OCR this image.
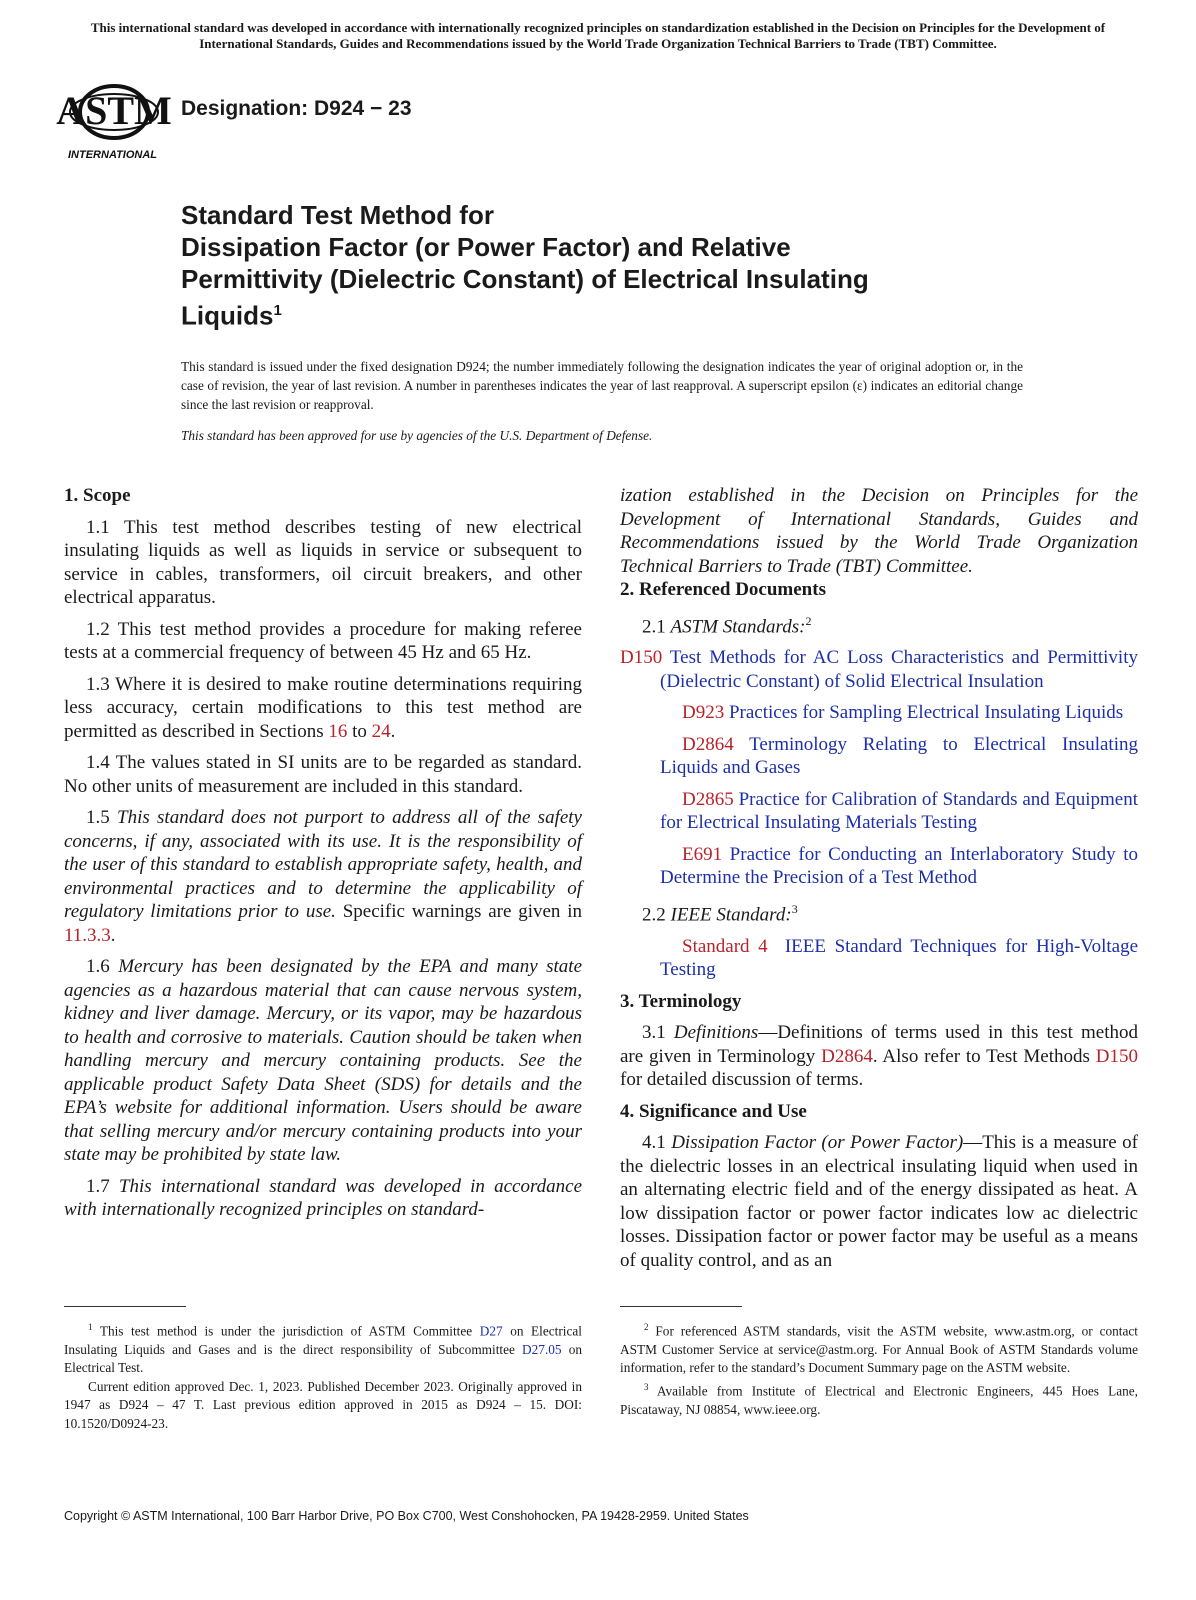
This international standard was developed in accordance with internationally recognized principles on standardization established in the Decision on Principles for the Development of International Standards, Guides and Recommendations issued by the World Trade Organization Technical Barriers to Trade (TBT) Committee.
ASTM
INTERNATIONAL
Designation: D924 − 23
Standard Test Method for
Dissipation Factor (or Power Factor) and Relative
Permittivity (Dielectric Constant) of Electrical Insulating
Liquids$^1$

This standard is issued under the fixed designation D924; the number immediately following the designation indicates the year of original adoption or, in the case of revision, the year of last revision. A number in parentheses indicates the year of last reapproval. A superscript epsilon (ε) indicates an editorial change since the last revision or reapproval.

This standard has been approved for use by agencies of the U.S. Department of Defense.

1. Scope

1.1 This test method describes testing of new electrical insulating liquids as well as liquids in service or subsequent to service in cables, transformers, oil circuit breakers, and other electrical apparatus.

1.2 This test method provides a procedure for making referee tests at a commercial frequency of between 45 Hz and 65 Hz.

1.3 Where it is desired to make routine determinations requiring less accuracy, certain modifications to this test method are permitted as described in Sections 16 to 24.

1.4 The values stated in SI units are to be regarded as standard. No other units of measurement are included in this standard.

1.5 This standard does not purport to address all of the safety concerns, if any, associated with its use. It is the responsibility of the user of this standard to establish appropriate safety, health, and environmental practices and to determine the applicability of regulatory limitations prior to use. Specific warnings are given in 11.3.3.

1.6 Mercury has been designated by the EPA and many state agencies as a hazardous material that can cause nervous system, kidney and liver damage. Mercury, or its vapor, may be hazardous to health and corrosive to materials. Caution should be taken when handling mercury and mercury containing products. See the applicable product Safety Data Sheet (SDS) for details and the EPA’s website for additional information. Users should be aware that selling mercury and/or mercury containing products into your state may be prohibited by state law.

1.7 This international standard was developed in accordance with internationally recognized principles on standard-

ization established in the Decision on Principles for the Development of International Standards, Guides and Recommendations issued by the World Trade Organization Technical Barriers to Trade (TBT) Committee.

2. Referenced Documents

2.1 ASTM Standards:$^2$

D150 Test Methods for AC Loss Characteristics and Permittivity (Dielectric Constant) of Solid Electrical Insulation

D923 Practices for Sampling Electrical Insulating Liquids

D2864 Terminology Relating to Electrical Insulating Liquids and Gases

D2865 Practice for Calibration of Standards and Equipment for Electrical Insulating Materials Testing

E691 Practice for Conducting an Interlaboratory Study to Determine the Precision of a Test Method

2.2 IEEE Standard:$^3$

Standard 4 IEEE Standard Techniques for High-Voltage Testing

3. Terminology

3.1 Definitions—Definitions of terms used in this test method are given in Terminology D2864. Also refer to Test Methods D150 for detailed discussion of terms.

4. Significance and Use

4.1 Dissipation Factor (or Power Factor)—This is a measure of the dielectric losses in an electrical insulating liquid when used in an alternating electric field and of the energy dissipated as heat. A low dissipation factor or power factor indicates low ac dielectric losses. Dissipation factor or power factor may be useful as a means of quality control, and as an

$^1$ This test method is under the jurisdiction of ASTM Committee D27 on Electrical Insulating Liquids and Gases and is the direct responsibility of Subcommittee D27.05 on Electrical Test.

Current edition approved Dec. 1, 2023. Published December 2023. Originally approved in 1947 as D924 – 47 T. Last previous edition approved in 2015 as D924 – 15. DOI: 10.1520/D0924-23.

$^2$ For referenced ASTM standards, visit the ASTM website, www.astm.org, or contact ASTM Customer Service at service@astm.org. For Annual Book of ASTM Standards volume information, refer to the standard’s Document Summary page on the ASTM website.

$^3$ Available from Institute of Electrical and Electronic Engineers, 445 Hoes Lane, Piscataway, NJ 08854, www.ieee.org.

Copyright © ASTM International, 100 Barr Harbor Drive, PO Box C700, West Conshohocken, PA 19428-2959. United States
